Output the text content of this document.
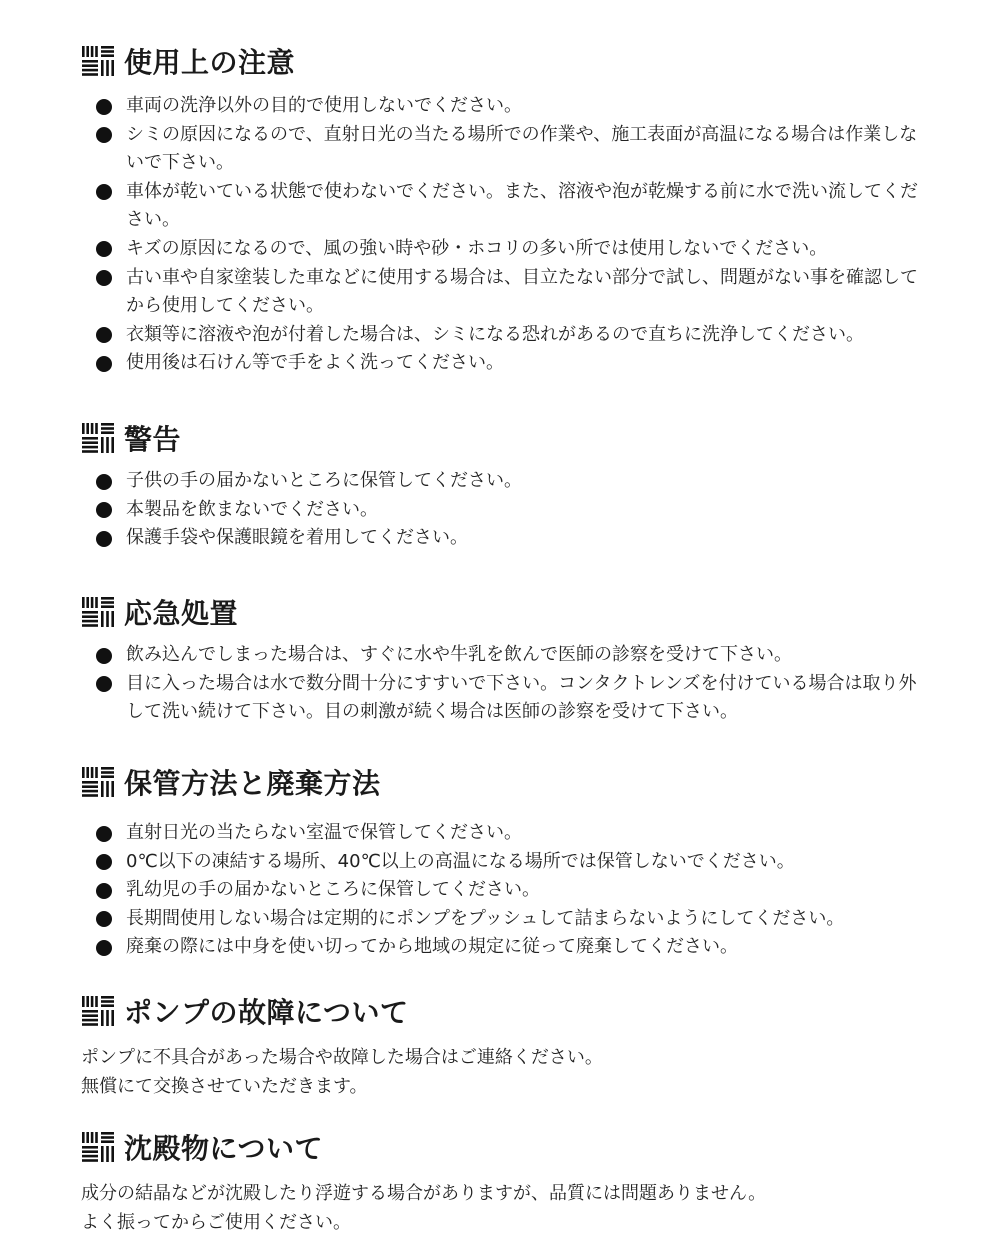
使用上の注意
車両の洗浄以外の目的で使用しないでください。
シミの原因になるので、直射日光の当たる場所での作業や、施工表面が高温になる場合は作業しないで下さい。
車体が乾いている状態で使わないでください。また、溶液や泡が乾燥する前に水で洗い流してください。
キズの原因になるので、風の強い時や砂・ホコリの多い所では使用しないでください。
古い車や自家塗装した車などに使用する場合は、目立たない部分で試し、問題がない事を確認してから使用してください。
衣類等に溶液や泡が付着した場合は、シミになる恐れがあるので直ちに洗浄してください。
使用後は石けん等で手をよく洗ってください。
警告
子供の手の届かないところに保管してください。
本製品を飲まないでください。
保護手袋や保護眼鏡を着用してください。
応急処置
飲み込んでしまった場合は、すぐに水や牛乳を飲んで医師の診察を受けて下さい。
目に入った場合は水で数分間十分にすすいで下さい。コンタクトレンズを付けている場合は取り外して洗い続けて下さい。目の刺激が続く場合は医師の診察を受けて下さい。
保管方法と廃棄方法
直射日光の当たらない室温で保管してください。
0℃以下の凍結する場所、40℃以上の高温になる場所では保管しないでください。
乳幼児の手の届かないところに保管してください。
長期間使用しない場合は定期的にポンプをプッシュして詰まらないようにしてください。
廃棄の際には中身を使い切ってから地域の規定に従って廃棄してください。
ポンプの故障について
ポンプに不具合があった場合や故障した場合はご連絡ください。
無償にて交換させていただきます。
沈殿物について
成分の結晶などが沈殿したり浮遊する場合がありますが、品質には問題ありません。
よく振ってからご使用ください。
